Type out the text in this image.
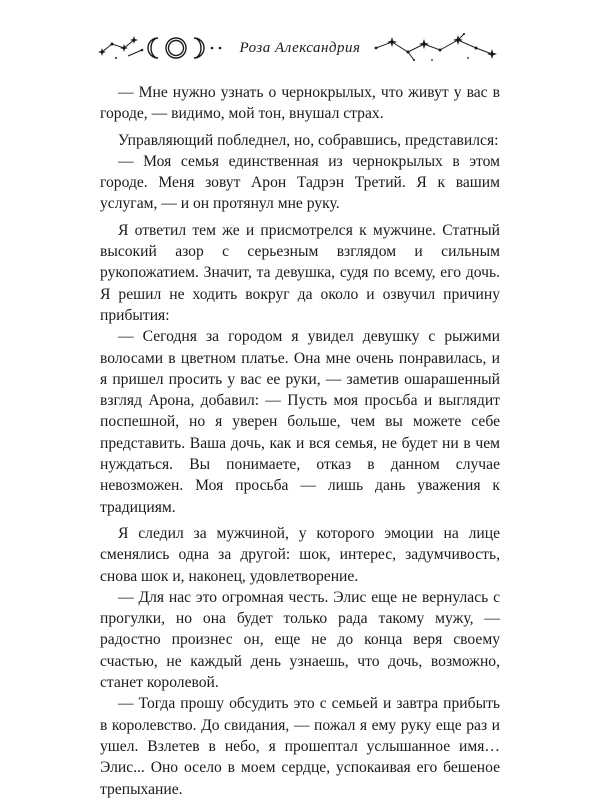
Роза Александрия

— Мне нужно узнать о чернокрылых, что живут у вас в городе, — видимо, мой тон, внушал страх.

Управляющий побледнел, но, собравшись, представился:

— Моя семья единственная из чернокрылых в этом городе. Меня зовут Арон Тадрэн Третий. Я к вашим услугам, — и он протянул мне руку.

Я ответил тем же и присмотрелся к мужчине. Статный высокий азор с серьезным взглядом и сильным рукопожатием. Значит, та девушка, судя по всему, его дочь. Я решил не ходить вокруг да около и озвучил причину прибытия:

— Сегодня за городом я увидел девушку с рыжими волосами в цветном платье. Она мне очень понравилась, и я пришел просить у вас ее руки, — заметив ошарашенный взгляд Арона, добавил: — Пусть моя просьба и выглядит поспешной, но я уверен больше, чем вы можете себе представить. Ваша дочь, как и вся семья, не будет ни в чем нуждаться. Вы понимаете, отказ в данном случае невозможен. Моя просьба — лишь дань уважения к традициям.

Я следил за мужчиной, у которого эмоции на лице сменялись одна за другой: шок, интерес, задумчивость, снова шок и, наконец, удовлетворение.

— Для нас это огромная честь. Элис еще не вернулась с прогулки, но она будет только рада такому мужу, — радостно произнес он, еще не до конца веря своему счастью, не каждый день узнаешь, что дочь, возможно, станет королевой.

— Тогда прошу обсудить это с семьей и завтра прибыть в королевство. До свидания, — пожал я ему руку еще раз и ушел. Взлетев в небо, я прошептал услышанное имя… Элис... Оно осело в моем сердце, успокаивая его бешеное трепыхание.
